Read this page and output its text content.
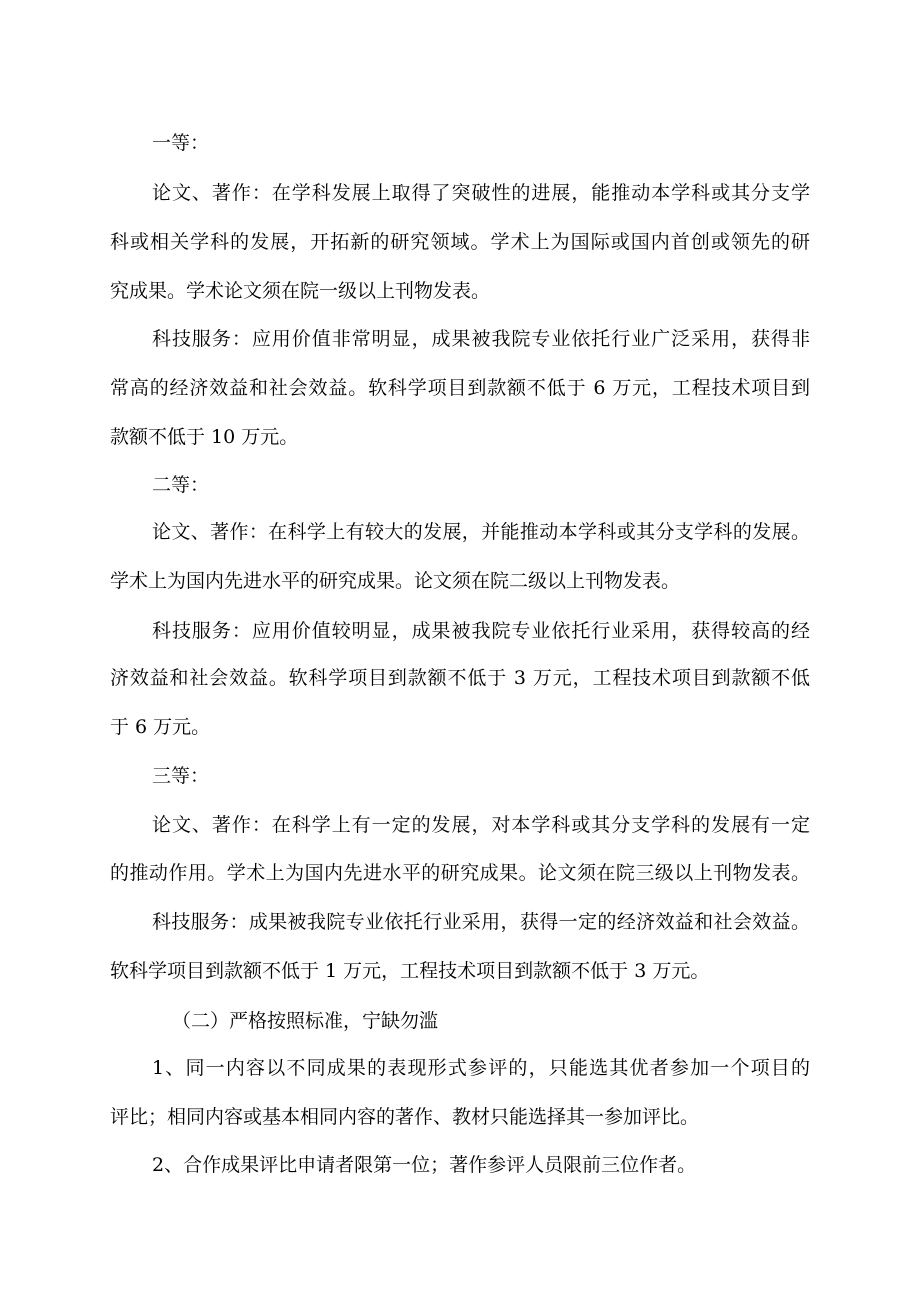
一等：
论文、著作：在学科发展上取得了突破性的进展，能推动本学科或其分支学
科或相关学科的发展，开拓新的研究领域。学术上为国际或国内首创或领先的研
究成果。学术论文须在院一级以上刊物发表。
科技服务：应用价值非常明显，成果被我院专业依托行业广泛采用，获得非
常高的经济效益和社会效益。软科学项目到款额不低于 6 万元，工程技术项目到
款额不低于 10 万元。
二等：
论文、著作：在科学上有较大的发展，并能推动本学科或其分支学科的发展。
学术上为国内先进水平的研究成果。论文须在院二级以上刊物发表。
科技服务：应用价值较明显，成果被我院专业依托行业采用，获得较高的经
济效益和社会效益。软科学项目到款额不低于 3 万元，工程技术项目到款额不低
于 6 万元。
三等：
论文、著作：在科学上有一定的发展，对本学科或其分支学科的发展有一定
的推动作用。学术上为国内先进水平的研究成果。论文须在院三级以上刊物发表。
科技服务：成果被我院专业依托行业采用，获得一定的经济效益和社会效益。
软科学项目到款额不低于 1 万元，工程技术项目到款额不低于 3 万元。
（二）严格按照标准，宁缺勿滥
1、同一内容以不同成果的表现形式参评的，只能选其优者参加一个项目的
评比；相同内容或基本相同内容的著作、教材只能选择其一参加评比。
2、合作成果评比申请者限第一位；著作参评人员限前三位作者。
